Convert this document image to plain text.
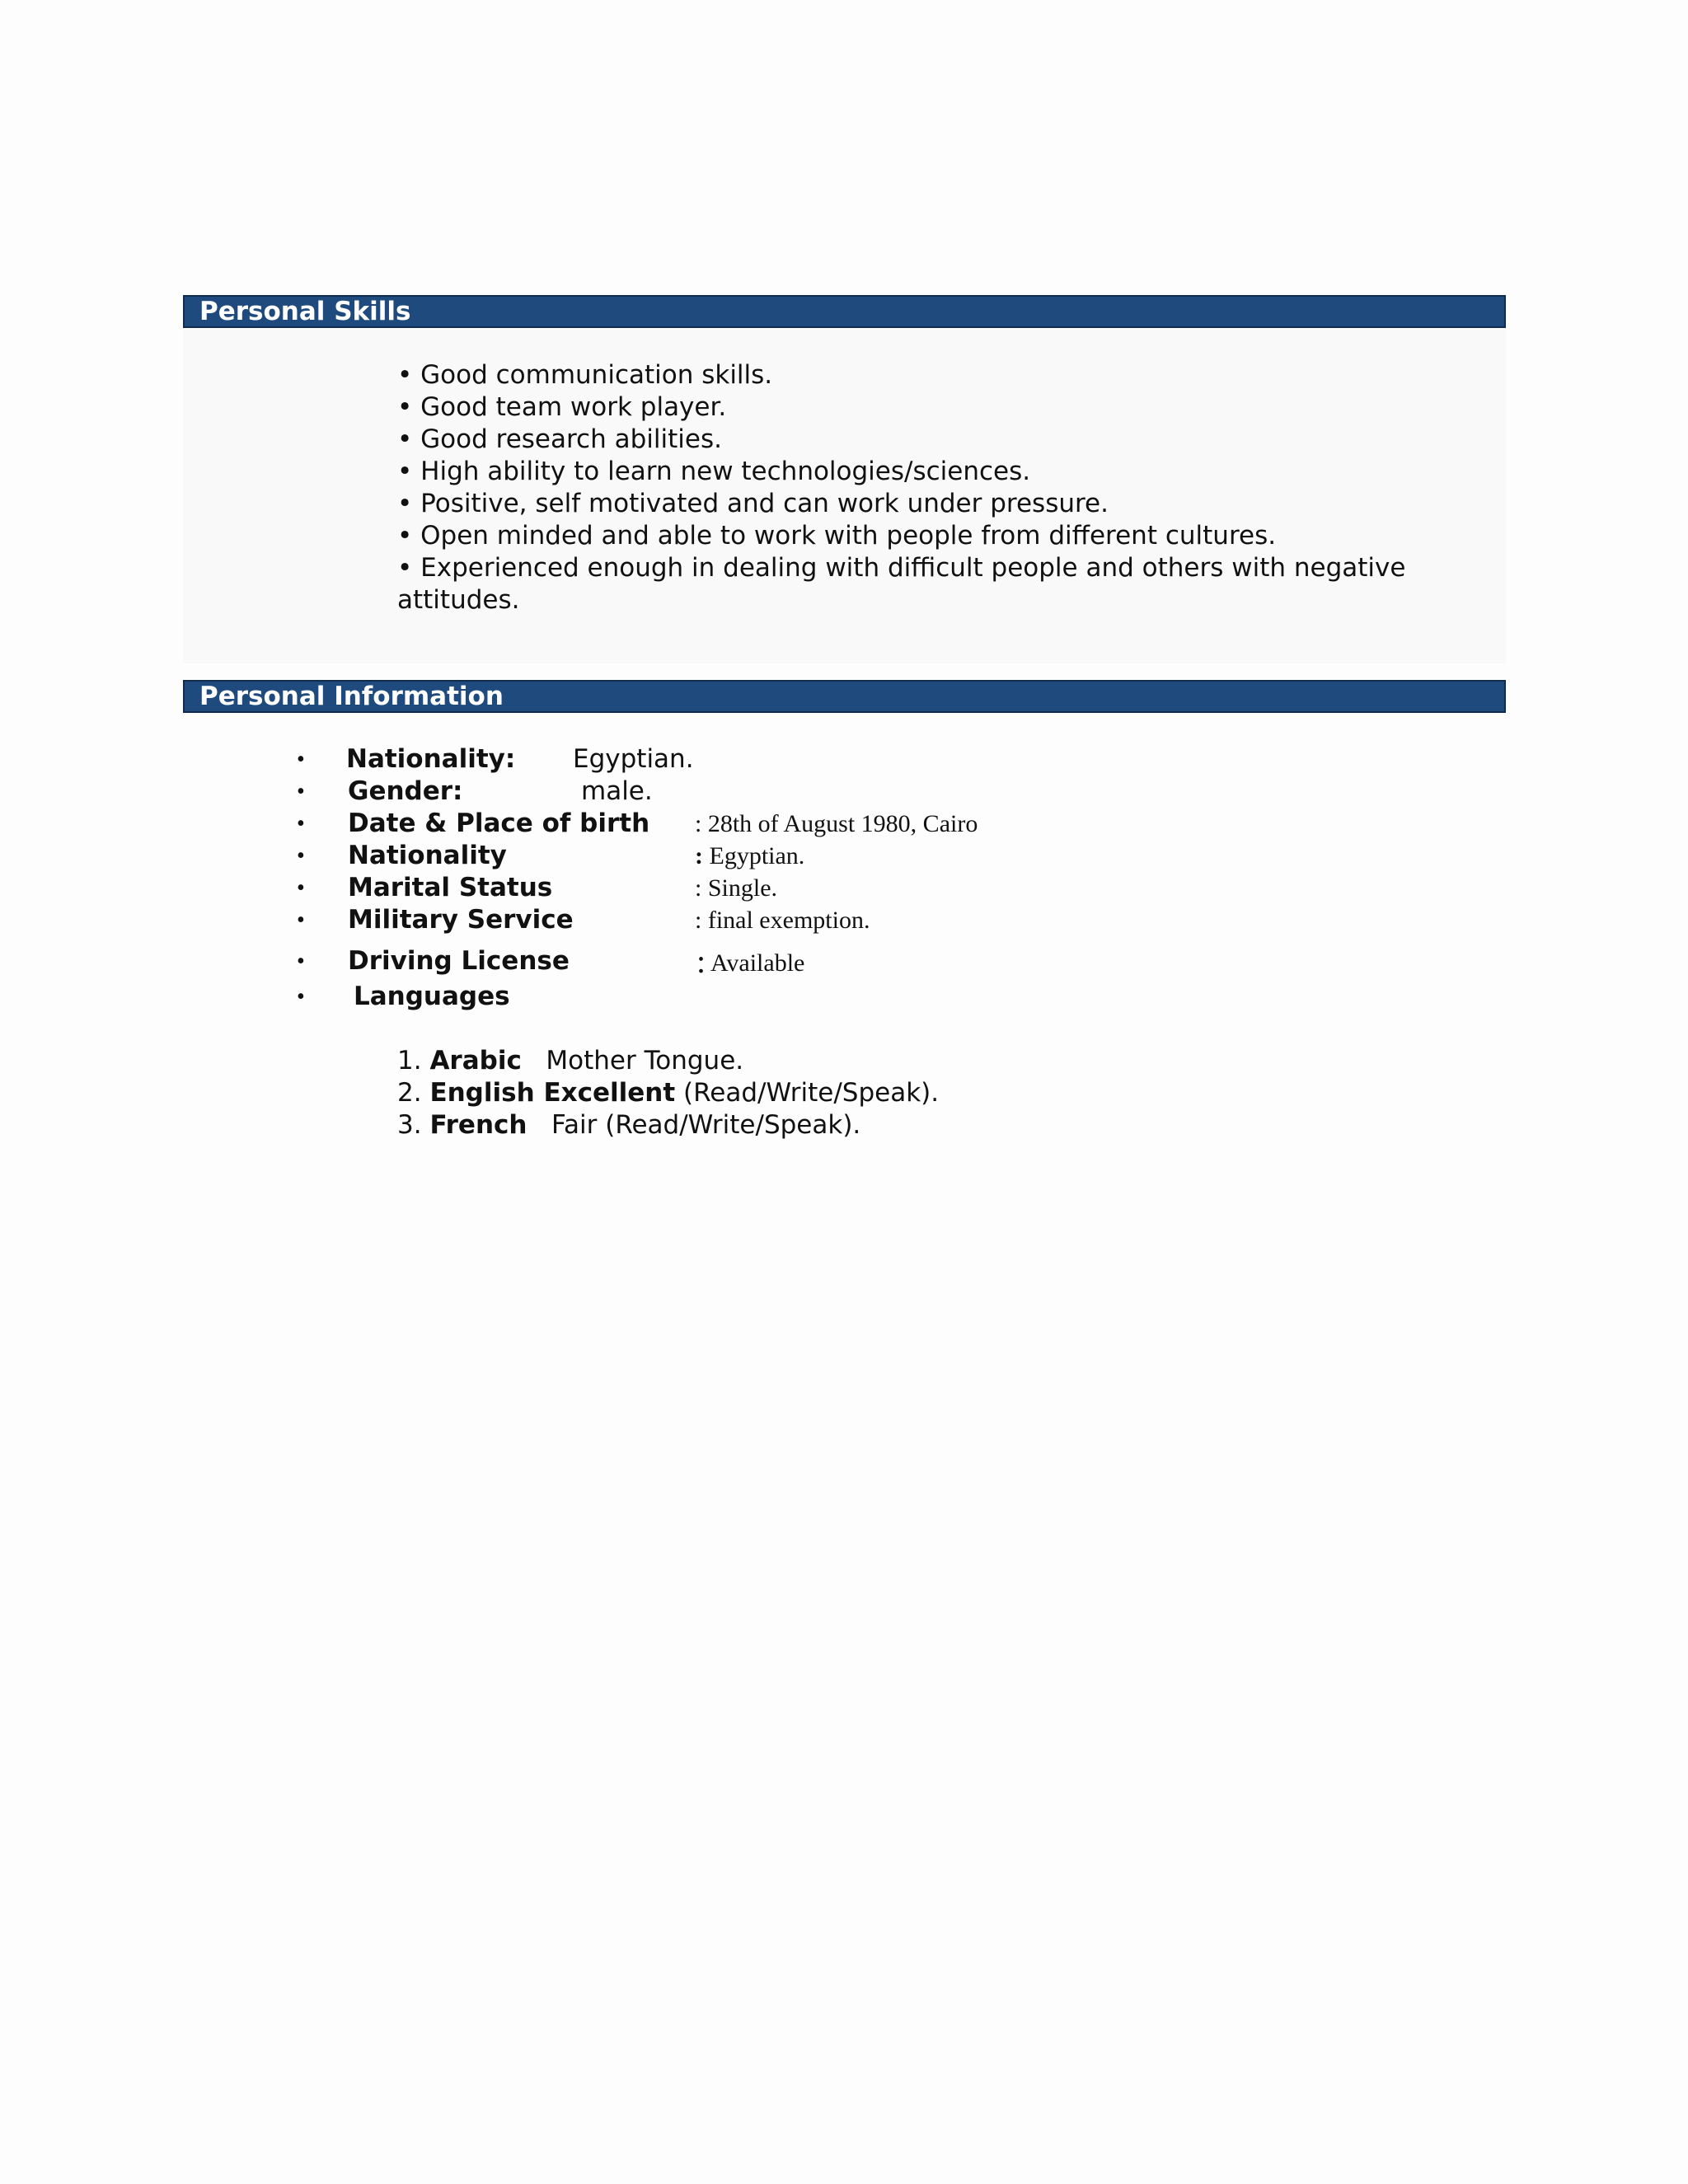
Personal Skills
• Good communication skills.
• Good team work player.
• Good research abilities.
• High ability to learn new technologies/sciences.
• Positive, self motivated and can work under pressure.
• Open minded and able to work with people from different cultures.
• Experienced enough in dealing with difficult people and others with negative attitudes.
Personal Information
• Nationality: Egyptian.
• Gender:	male.
• Date & Place of birth : 28th of August 1980, Cairo
• Nationality	: Egyptian.
• Marital Status	: Single.
• Military Service	: final exemption.
• Driving License	: Available
• Languages
1. Arabic Mother Tongue.
2. English Excellent (Read/Write/Speak).
3. French Fair (Read/Write/Speak).
